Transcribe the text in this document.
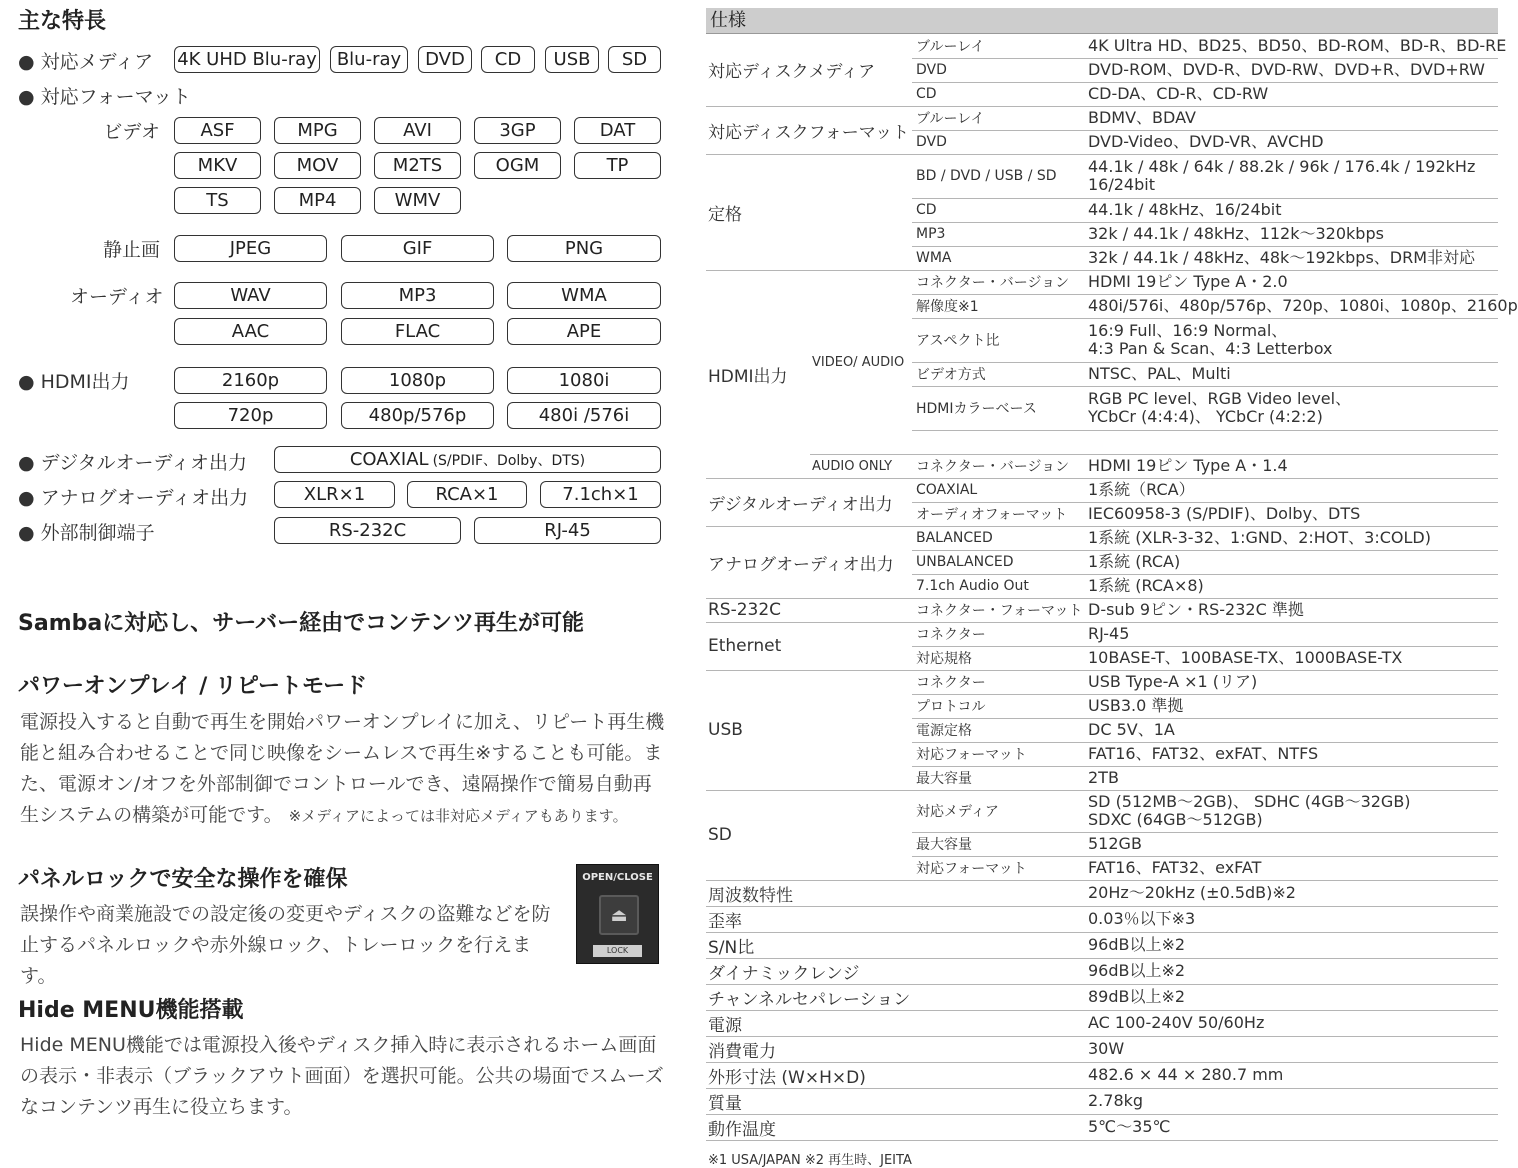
主な特長
● 対応メディア 4K UHD Blu-ray	Blu-ray	DVD	CD	USB	SD
● 対応フォーマット
ビデオ	ASF	MPG	AVI	3GP	DAT
MKV	MOV	M2TS	OGM	TP
TS	MP4	WMV
静止画	JPEG	GIF	PNG
オーディオ	WAV	MP3	WMA
AAC	FLAC	APE
● HDMI出力	2160p	1080p	1080i
720p	480p/576p	480i /576i
● デジタルオーディオ出力	COAXIAL (S/PDIF、Dolby、DTS)
● アナログオーディオ出力	XLR×1	RCA×1	7.1ch×1
● 外部制御端子	RS-232C	RJ-45
Sambaに対応し、サーバー経由でコンテンツ再生が可能
パワーオンプレイ / リピートモード
電源投入すると自動で再生を開始パワーオンプレイに加え、リピート再生機能と組み合わせることで同じ映像をシームレスで再生※することも可能。また、電源オン/オフを外部制御でコントロールでき、遠隔操作で簡易自動再生システムの構築が可能です。 ※メディアによっては非対応メディアもあります。
パネルロックで安全な操作を確保
誤操作や商業施設での設定後の変更やディスクの盗難などを防止するパネルロックや赤外線ロック、トレーロックを行えます。
OPEN/CLOSE
⏏
LOCK
Hide MENU機能搭載
Hide MENU機能では電源投入後やディスク挿入時に表示されるホーム画面の表示・非表示（ブラックアウト画面）を選択可能。公共の場面でスムーズなコンテンツ再生に役立ちます。
仕様
対応ディスクメディア		ブルーレイ	4K Ultra HD、BD25、BD50、BD-ROM、BD-R、BD-RE
		DVD	DVD-ROM、DVD-R、DVD-RW、DVD+R、DVD+RW
		CD	CD-DA、CD-R、CD-RW
対応ディスクフォーマット		ブルーレイ	BDMV、BDAV
		DVD	DVD-Video、DVD-VR、AVCHD
定格		BD / DVD / USB / SD	44.1k / 48k / 64k / 88.2k / 96k / 176.4k / 192kHz
16/24bit

		CD	44.1k / 48kHz、16/24bit
		MP3	32k / 44.1k / 48kHz、112k〜320kbps
		WMA	32k / 44.1k / 48kHz、48k〜192kbps、DRM非対応
HDMI出力	VIDEO/ AUDIO	コネクター・バージョン	HDMI 19ピン Type A・2.0
		解像度※1	480i/576i、480p/576p、720p、1080i、1080p、2160p
		アスペクト比	16:9 Full、16:9 Normal、
4:3 Pan & Scan、4:3 Letterbox

		ビデオ方式	NTSC、PAL、Multi
		HDMIカラーベース	RGB PC level、RGB Video level、
YCbCr (4:4:4)、 YCbCr (4:2:2)

	AUDIO ONLY	コネクター・バージョン	HDMI 19ピン Type A・1.4
デジタルオーディオ出力		COAXIAL	1系統（RCA）
		オーディオフォーマット	IEC60958-3 (S/PDIF)、Dolby、DTS
アナログオーディオ出力		BALANCED	1系統 (XLR-3-32、1:GND、2:HOT、3:COLD)
		UNBALANCED	1系統 (RCA)
		7.1ch Audio Out	1系統 (RCA×8)
RS-232C		コネクター・フォーマット	D-sub 9ピン・RS-232C 準拠
Ethernet		コネクター	RJ-45
		対応規格	10BASE-T、100BASE-TX、1000BASE-TX
USB		コネクター	USB Type-A ×1 (リア)
		プロトコル	USB3.0 準拠
		電源定格	DC 5V、1A
		対応フォーマット	FAT16、FAT32、exFAT、NTFS
		最大容量	2TB
SD		対応メディア	SD (512MB〜2GB)、 SDHC (4GB〜32GB)
SDXC (64GB〜512GB)

		最大容量	512GB
		対応フォーマット	FAT16、FAT32、exFAT
周波数特性			20Hz〜20kHz (±0.5dB)※2
歪率			0.03％以下※3
S/N比			96dB以上※2
ダイナミックレンジ			96dB以上※2
チャンネルセパレーション			89dB以上※2
電源			AC 100-240V 50/60Hz
消費電力			30W
外形寸法 (W×H×D)			482.6 × 44 × 280.7 mm
質量			2.78kg
動作温度			5℃〜35℃
※1 USA/JAPAN ※2 再生時、JEITA
